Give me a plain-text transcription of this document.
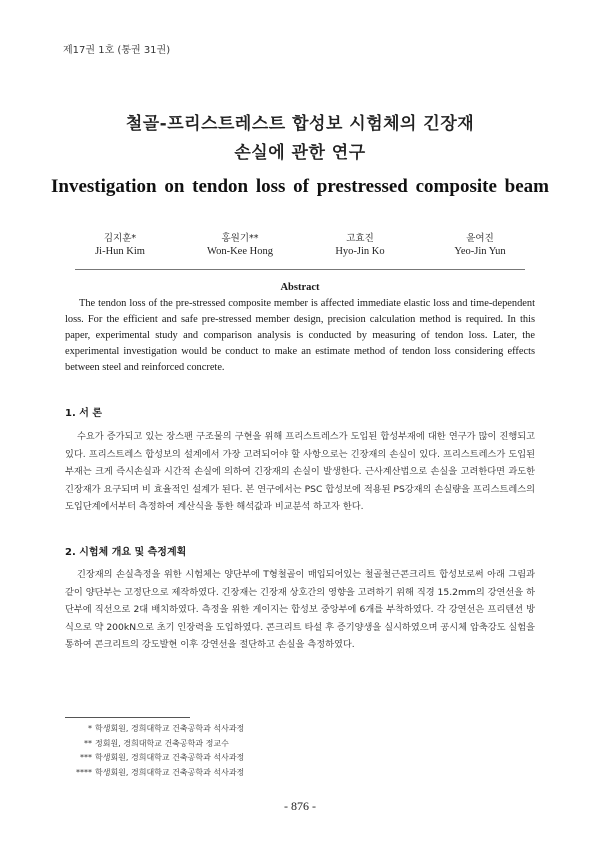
제17권 1호 (통권 31권)
철골-프리스트레스트 합성보 시험체의 긴장재
손실에 관한 연구
Investigation on tendon loss of prestressed composite beam
김지훈*
Ji-Hun Kim
홍원기**
Won-Kee Hong
고효진
Hyo-Jin Ko
윤여진
Yeo-Jin Yun
Abstract
The tendon loss of the pre-stressed composite member is affected immediate elastic loss and time-dependent loss. For the efficient and safe pre-stressed member design, precision calculation method is required. In this paper, experimental study and comparison analysis is conducted by measuring of tendon loss. Later, the experimental investigation would be conduct to make an estimate method of tendon loss considering effects between steel and reinforced concrete.
1. 서 론
수요가 증가되고 있는 장스팬 구조물의 구현을 위해 프리스트레스가 도입된 합성부재에 대한 연구가 많이 진행되고 있다. 프리스트레스 합성보의 설계에서 가장 고려되어야 할 사항으로는 긴장재의 손실이 있다. 프리스트레스가 도입된 부재는 크게 즉시손실과 시간적 손실에 의하여 긴장재의 손실이 발생한다. 근사계산법으로 손실을 고려한다면 과도한 긴장재가 요구되며 비 효율적인 설계가 된다. 본 연구에서는 PSC 합성보에 적용된 PS강재의 손실량을 프리스트레스의 도입단계에서부터 측정하여 계산식을 통한 해석값과 비교분석 하고자 한다.
2. 시험체 개요 및 측정계획
긴장재의 손실측정을 위한 시험체는 양단부에 T형철골이 매입되어있는 철골철근콘크리트 합성보로써 아래 그림과 같이 양단부는 고정단으로 제작하였다. 긴장재는 긴장재 상호간의 영향을 고려하기 위해 직경 15.2mm의 강연선을 하단부에 직선으로 2대 배치하였다. 측정을 위한 게이지는 합성보 중앙부에 6개를 부착하였다. 각 강연선은 프리텐션 방식으로 약 200kN으로 초기 인장력을 도입하였다. 콘크리트 타설 후 증기양생을 실시하였으며 공시체 압축강도 실험을 통하여 콘크리트의 강도발현 이후 강연선을 절단하고 손실을 측정하였다.
* 학생회원, 경희대학교 건축공학과 석사과정
** 정회원, 경희대학교 건축공학과 정교수
*** 학생회원, 경희대학교 건축공학과 석사과정
**** 학생회원, 경희대학교 건축공학과 석사과정
- 876 -
